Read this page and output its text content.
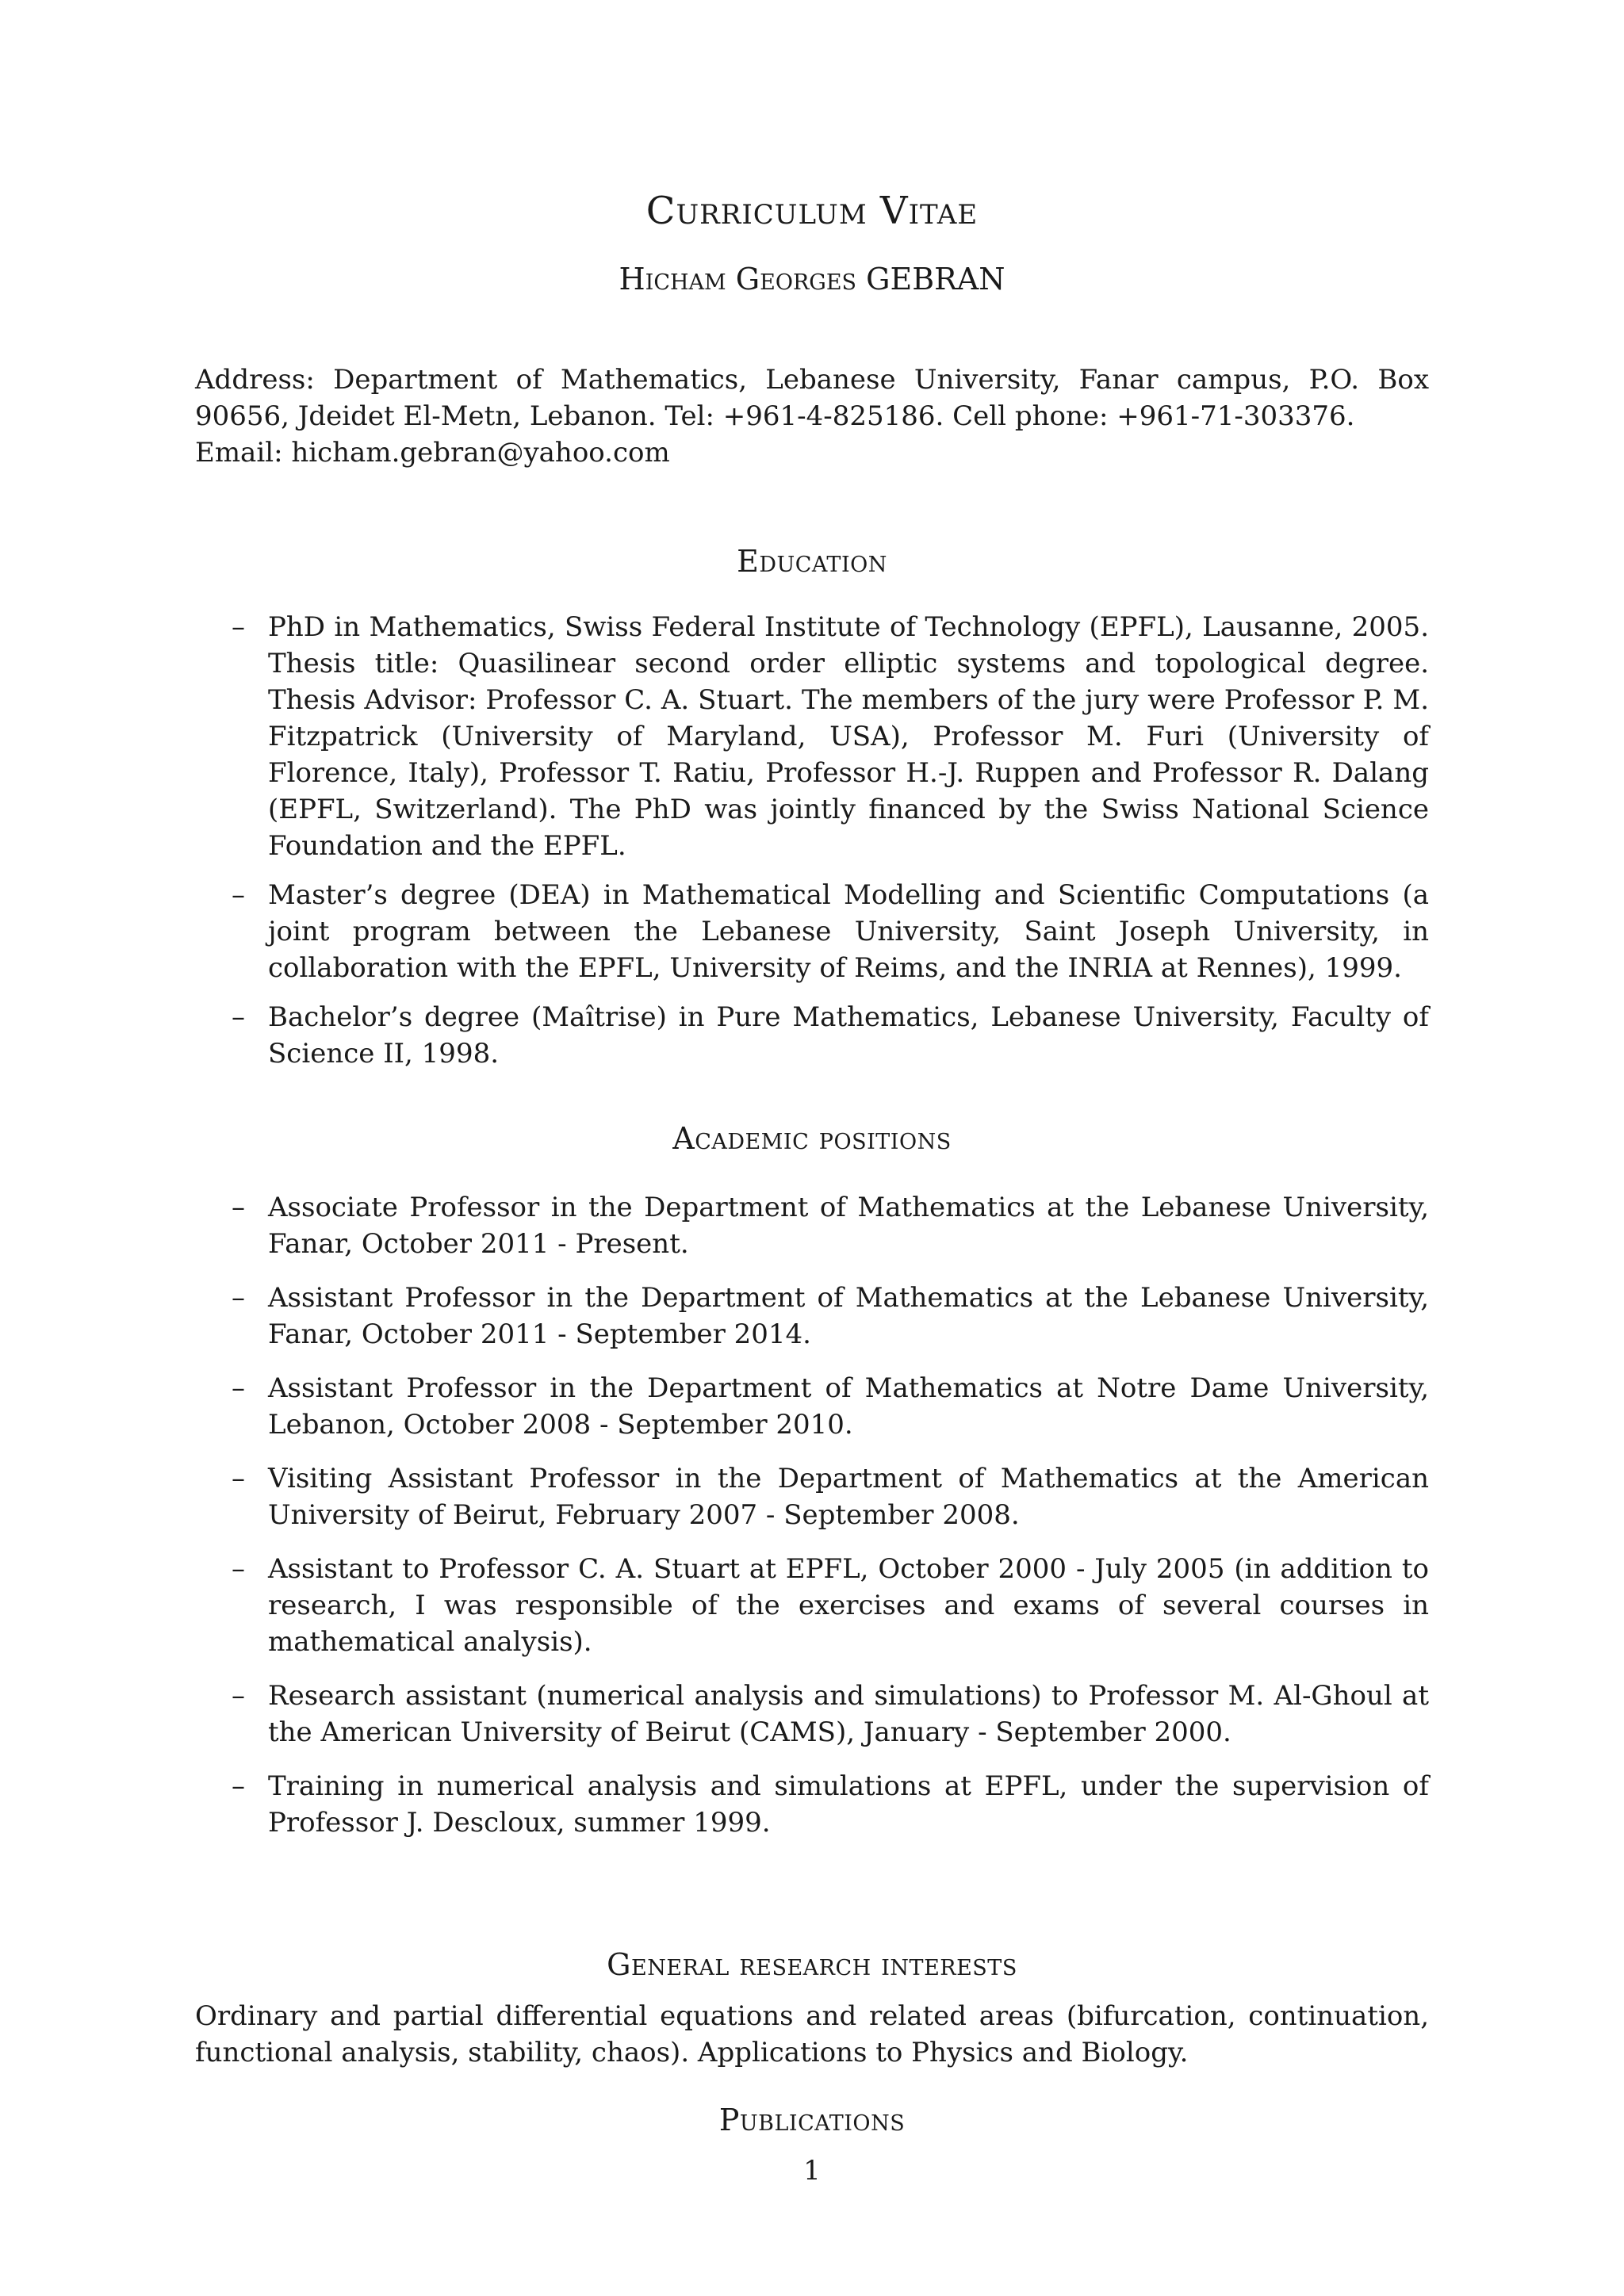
Curriculum Vitae
Hicham Georges GEBRAN
Address: Department of Mathematics, Lebanese University, Fanar campus, P.O. Box 90656, Jdeidet El-Metn, Lebanon. Tel: +961-4-825186. Cell phone: +961-71-303376.
Email: hicham.gebran@yahoo.com
Education
– PhD in Mathematics, Swiss Federal Institute of Technology (EPFL), Lausanne, 2005. Thesis title: Quasilinear second order elliptic systems and topological degree. Thesis Advisor: Professor C. A. Stuart. The members of the jury were Professor P. M. Fitzpatrick (University of Maryland, USA), Professor M. Furi (University of Florence, Italy), Professor T. Ratiu, Professor H.-J. Ruppen and Professor R. Dalang (EPFL, Switzerland). The PhD was jointly financed by the Swiss National Science Foundation and the EPFL.
– Master’s degree (DEA) in Mathematical Modelling and Scientific Computations (a joint program between the Lebanese University, Saint Joseph University, in collaboration with the EPFL, University of Reims, and the INRIA at Rennes), 1999.
– Bachelor’s degree (Maîtrise) in Pure Mathematics, Lebanese University, Faculty of Science II, 1998.
Academic positions
– Associate Professor in the Department of Mathematics at the Lebanese University, Fanar, October 2011 - Present.
– Assistant Professor in the Department of Mathematics at the Lebanese University, Fanar, October 2011 - September 2014.
– Assistant Professor in the Department of Mathematics at Notre Dame University, Lebanon, October 2008 - September 2010.
– Visiting Assistant Professor in the Department of Mathematics at the American University of Beirut, February 2007 - September 2008.
– Assistant to Professor C. A. Stuart at EPFL, October 2000 - July 2005 (in addition to research, I was responsible of the exercises and exams of several courses in mathematical analysis).
– Research assistant (numerical analysis and simulations) to Professor M. Al-Ghoul at the American University of Beirut (CAMS), January - September 2000.
– Training in numerical analysis and simulations at EPFL, under the supervision of Professor J. Descloux, summer 1999.
General research interests
Ordinary and partial differential equations and related areas (bifurcation, continuation, functional analysis, stability, chaos). Applications to Physics and Biology.
Publications
1
